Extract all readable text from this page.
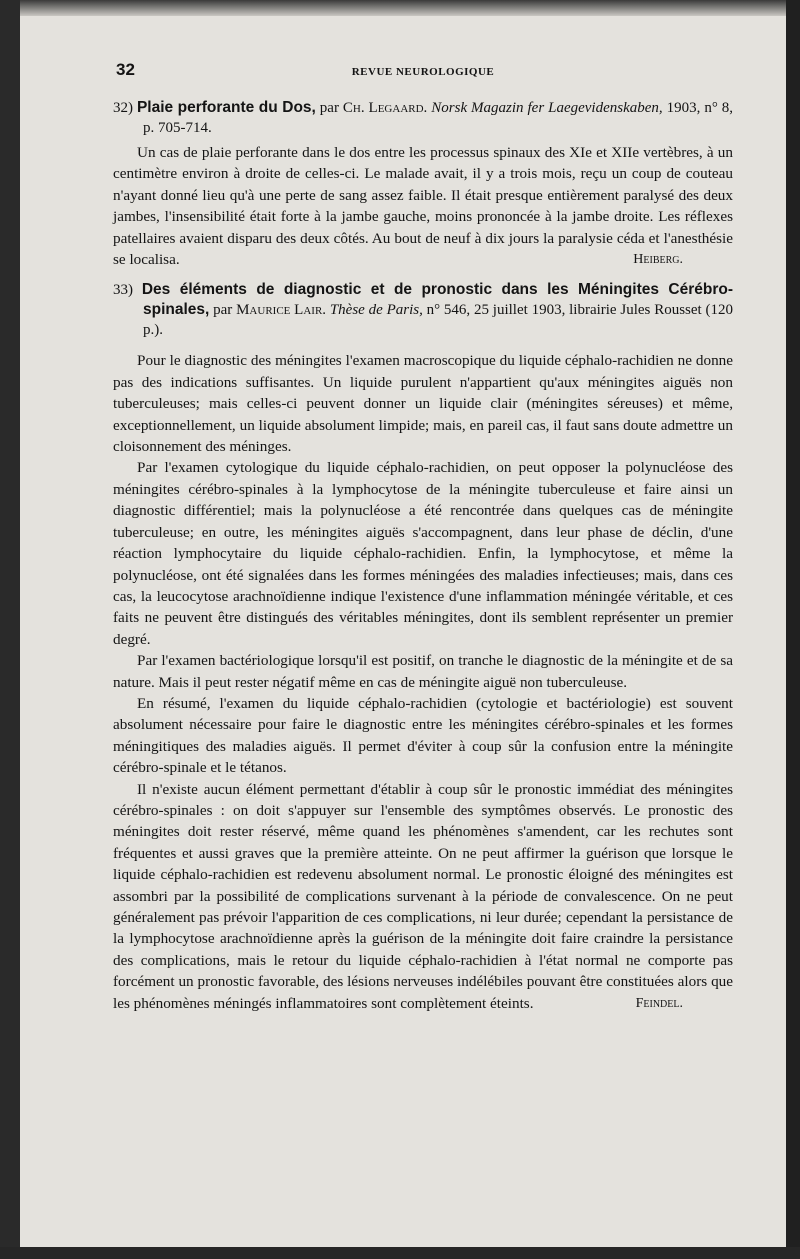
32	REVUE NEUROLOGIQUE
32) Plaie perforante du Dos, par Ch. Legaard. Norsk Magazin fer Laegevidenskaben, 1903, n° 8, p. 705-714.

Un cas de plaie perforante dans le dos entre les processus spinaux des XIe et XIIe vertèbres, à un centimètre environ à droite de celles-ci. Le malade avait, il y a trois mois, reçu un coup de couteau n'ayant donné lieu qu'à une perte de sang assez faible. Il était presque entièrement paralysé des deux jambes, l'insensibilité était forte à la jambe gauche, moins prononcée à la jambe droite. Les réflexes patellaires avaient disparu des deux côtés. Au bout de neuf à dix jours la paralysie céda et l'anesthésie se localisa.	Heiberg.

33) Des éléments de diagnostic et de pronostic dans les Méningites Cérébro-spinales, par Maurice Lair. Thèse de Paris, n° 546, 25 juillet 1903, librairie Jules Rousset (120 p.).

Pour le diagnostic des méningites l'examen macroscopique du liquide céphalo-rachidien ne donne pas des indications suffisantes. Un liquide purulent n'appartient qu'aux méningites aiguës non tuberculeuses; mais celles-ci peuvent donner un liquide clair (méningites séreuses) et même, exceptionnellement, un liquide absolument limpide; mais, en pareil cas, il faut sans doute admettre un cloisonnement des méninges.

Par l'examen cytologique du liquide céphalo-rachidien, on peut opposer la polynucléose des méningites cérébro-spinales à la lymphocytose de la méningite tuberculeuse et faire ainsi un diagnostic différentiel; mais la polynucléose a été rencontrée dans quelques cas de méningite tuberculeuse; en outre, les méningites aiguës s'accompagnent, dans leur phase de déclin, d'une réaction lymphocytaire du liquide céphalo-rachidien. Enfin, la lymphocytose, et même la polynucléose, ont été signalées dans les formes méningées des maladies infectieuses; mais, dans ces cas, la leucocytose arachnoïdienne indique l'existence d'une inflammation méningée véritable, et ces faits ne peuvent être distingués des véritables méningites, dont ils semblent représenter un premier degré.

Par l'examen bactériologique lorsqu'il est positif, on tranche le diagnostic de la méningite et de sa nature. Mais il peut rester négatif même en cas de méningite aiguë non tuberculeuse.

En résumé, l'examen du liquide céphalo-rachidien (cytologie et bactériologie) est souvent absolument nécessaire pour faire le diagnostic entre les méningites cérébro-spinales et les formes méningitiques des maladies aiguës. Il permet d'éviter à coup sûr la confusion entre la méningite cérébro-spinale et le tétanos.

Il n'existe aucun élément permettant d'établir à coup sûr le pronostic immédiat des méningites cérébro-spinales : on doit s'appuyer sur l'ensemble des symptômes observés. Le pronostic des méningites doit rester réservé, même quand les phénomènes s'amendent, car les rechutes sont fréquentes et aussi graves que la première atteinte. On ne peut affirmer la guérison que lorsque le liquide céphalo-rachidien est redevenu absolument normal. Le pronostic éloigné des méningites est assombri par la possibilité de complications survenant à la période de convalescence. On ne peut généralement pas prévoir l'apparition de ces complications, ni leur durée; cependant la persistance de la lymphocytose arachnoïdienne après la guérison de la méningite doit faire craindre la persistance des complications, mais le retour du liquide céphalo-rachidien à l'état normal ne comporte pas forcément un pronostic favorable, des lésions nerveuses indélébiles pouvant être constituées alors que les phénomènes méningés inflammatoires sont complètement éteints.	Feindel.
